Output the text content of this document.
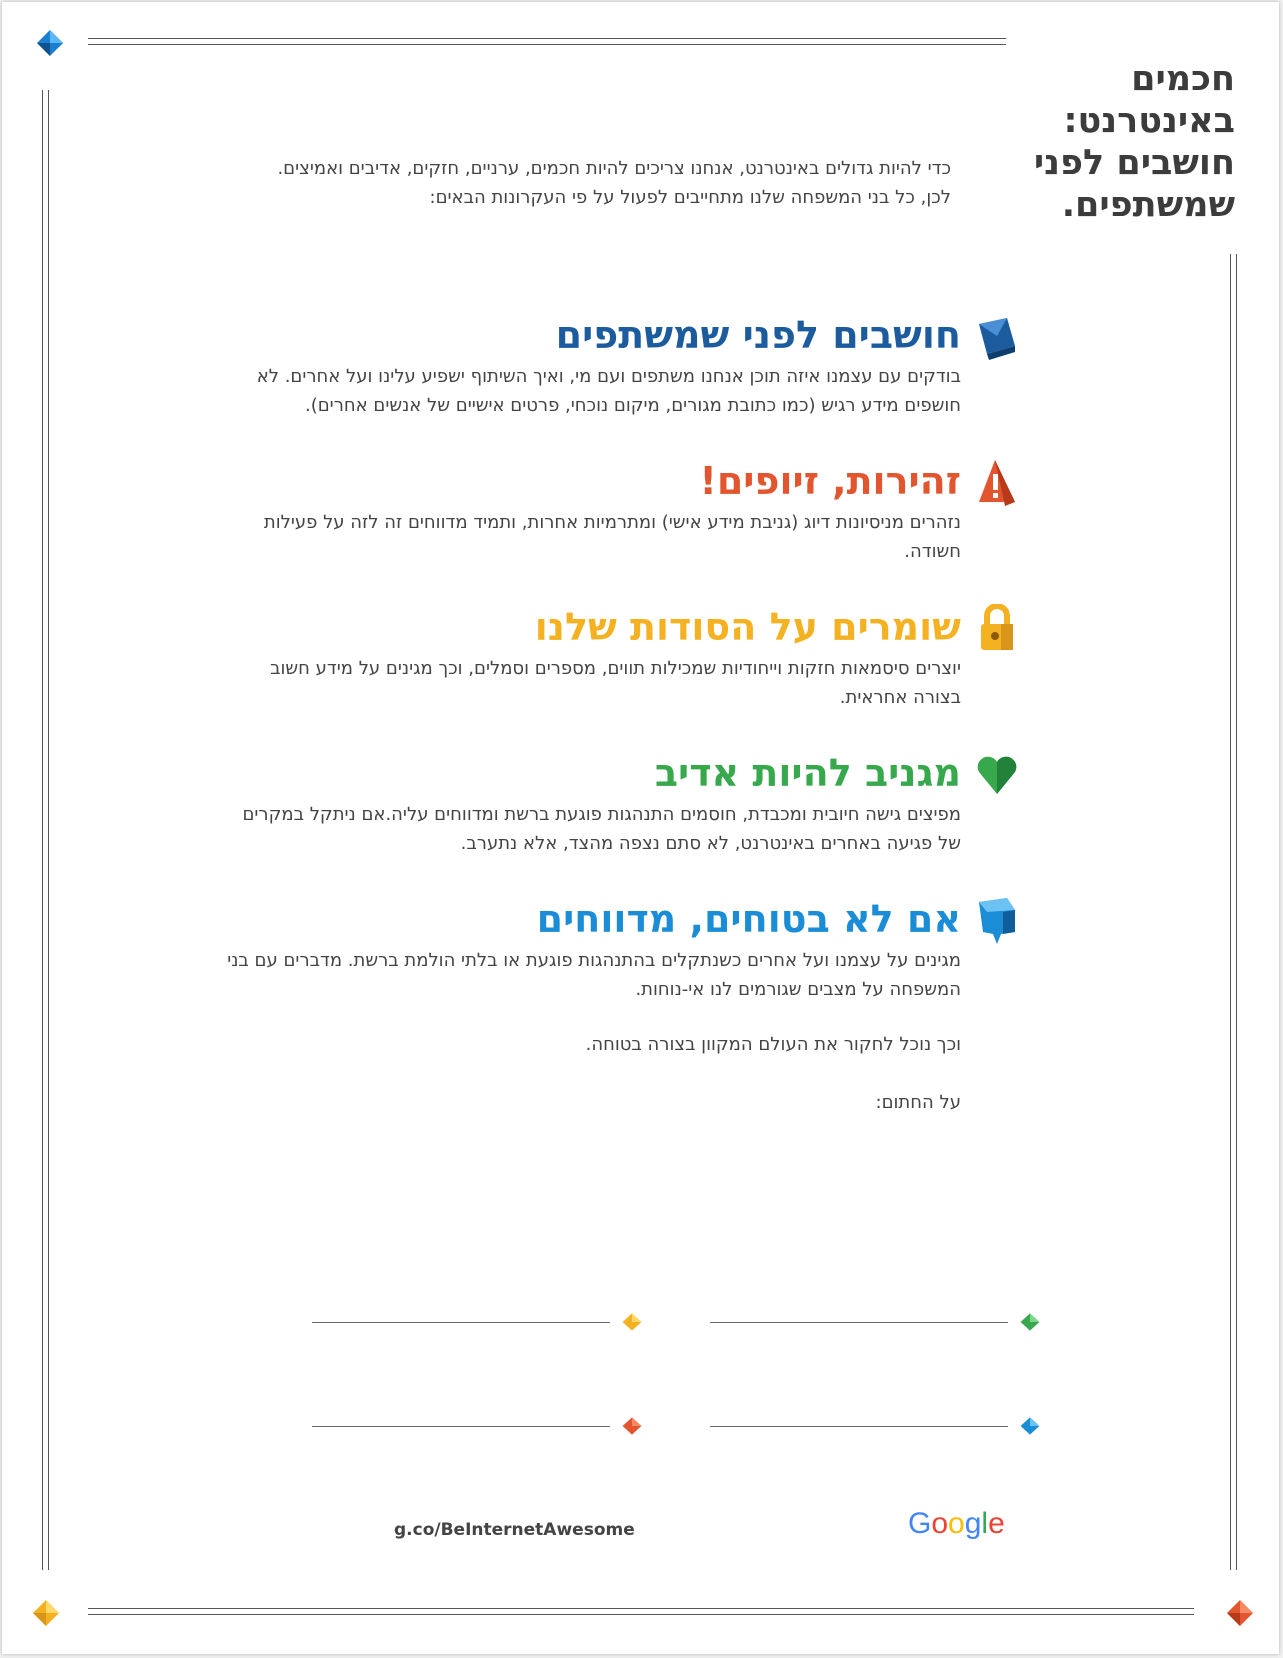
חכמים
באינטרנט:
חושבים לפני
שמשתפים.
כדי להיות גדולים באינטרנט, אנחנו צריכים להיות חכמים, ערניים, חזקים, אדיבים ואמיצים.
לכן, כל בני המשפחה שלנו מתחייבים לפעול על פי העקרונות הבאים:
חושבים לפני שמשתפים

בודקים עם עצמנו איזה תוכן אנחנו משתפים ועם מי, ואיך השיתוף ישפיע עלינו ועל אחרים. לא חושפים מידע רגיש (כמו כתובת מגורים, מיקום נוכחי, פרטים אישיים של אנשים אחרים).

זהירות, זיופים!

נזהרים מניסיונות דיוג (גניבת מידע אישי) ומתרמיות אחרות, ותמיד מדווחים זה לזה על פעילות חשודה.

שומרים על הסודות שלנו

יוצרים סיסמאות חזקות וייחודיות שמכילות תווים, מספרים וסמלים, וכך מגינים על מידע חשוב בצורה אחראית.

מגניב להיות אדיב

מפיצים גישה חיובית ומכבדת, חוסמים התנהגות פוגעת ברשת ומדווחים עליה.אם ניתקל במקרים של פגיעה באחרים באינטרנט, לא סתם נצפה מהצד, אלא נתערב.

אם לא בטוחים, מדווחים

מגינים על עצמנו ועל אחרים כשנתקלים בהתנהגות פוגעת או בלתי הולמת ברשת. מדברים עם בני המשפחה על מצבים שגורמים לנו אי-נוחות.

וכך נוכל לחקור את העולם המקוון בצורה בטוחה.
על החתום:
g.co/BeInternetAwesome	Google
